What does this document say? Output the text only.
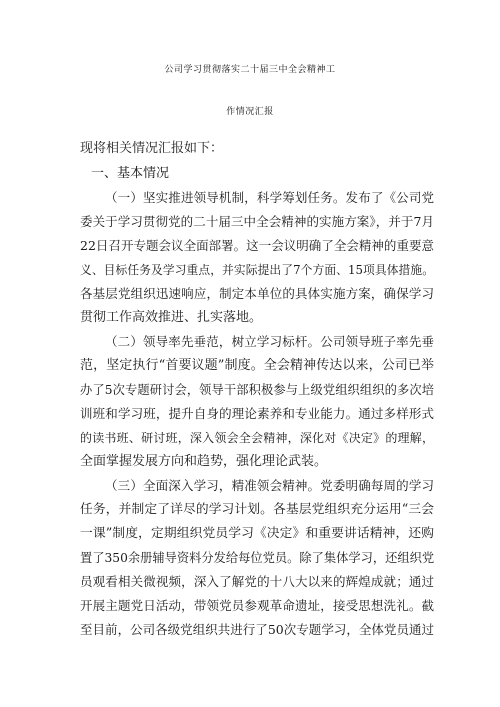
公司学习贯彻落实二十届三中全会精神工
作情况汇报
现将相关情况汇报如下：
一、基本情况
（一）坚实推进领导机制，科学筹划任务。发布了《公司党
委关于学习贯彻党的二十届三中全会精神的实施方案》，并于7月
22日召开专题会议全面部署。这一会议明确了全会精神的重要意
义、目标任务及学习重点，并实际提出了7个方面、15项具体措施。
各基层党组织迅速响应，制定本单位的具体实施方案，确保学习
贯彻工作高效推进、扎实落地。
（二）领导率先垂范，树立学习标杆。公司领导班子率先垂
范，坚定执行“首要议题”制度。全会精神传达以来，公司已举
办了5次专题研讨会，领导干部积极参与上级党组织组织的多次培
训班和学习班，提升自身的理论素养和专业能力。通过多样形式
的读书班、研讨班，深入领会全会精神，深化对《决定》的理解，
全面掌握发展方向和趋势，强化理论武装。
（三）全面深入学习，精准领会精神。党委明确每周的学习
任务，并制定了详尽的学习计划。各基层党组织充分运用“三会
一课”制度，定期组织党员学习《决定》和重要讲话精神，还购
置了350余册辅导资料分发给每位党员。除了集体学习，还组织党
员观看相关微视频，深入了解党的十八大以来的辉煌成就；通过
开展主题党日活动，带领党员参观革命遗址，接受思想洗礼。截
至目前，公司各级党组织共进行了50次专题学习，全体党员通过
